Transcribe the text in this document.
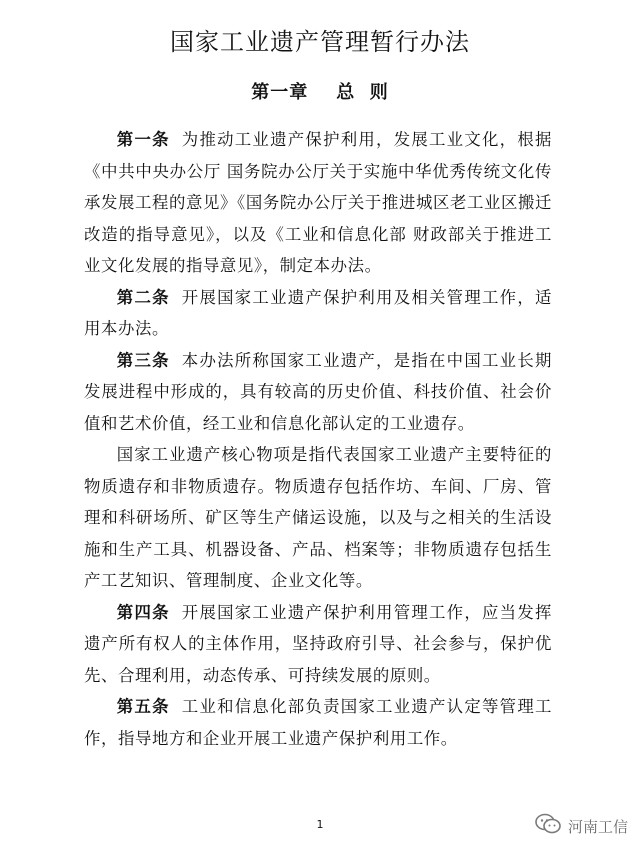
国家工业遗产管理暂行办法
第一章 总  则

第一条 为推动工业遗产保护利用，发展工业文化，根据《中共中央办公厅 国务院办公厅关于实施中华优秀传统文化传承发展工程的意见》《国务院办公厅关于推进城区老工业区搬迁改造的指导意见》，以及《工业和信息化部 财政部关于推进工业文化发展的指导意见》，制定本办法。

第二条 开展国家工业遗产保护利用及相关管理工作，适用本办法。

第三条 本办法所称国家工业遗产，是指在中国工业长期发展进程中形成的，具有较高的历史价值、科技价值、社会价值和艺术价值，经工业和信息化部认定的工业遗存。

国家工业遗产核心物项是指代表国家工业遗产主要特征的物质遗存和非物质遗存。物质遗存包括作坊、车间、厂房、管理和科研场所、矿区等生产储运设施，以及与之相关的生活设施和生产工具、机器设备、产品、档案等；非物质遗存包括生产工艺知识、管理制度、企业文化等。

第四条 开展国家工业遗产保护利用管理工作，应当发挥遗产所有权人的主体作用，坚持政府引导、社会参与，保护优先、合理利用，动态传承、可持续发展的原则。

第五条 工业和信息化部负责国家工业遗产认定等管理工作，指导地方和企业开展工业遗产保护利用工作。

1	河南工信
